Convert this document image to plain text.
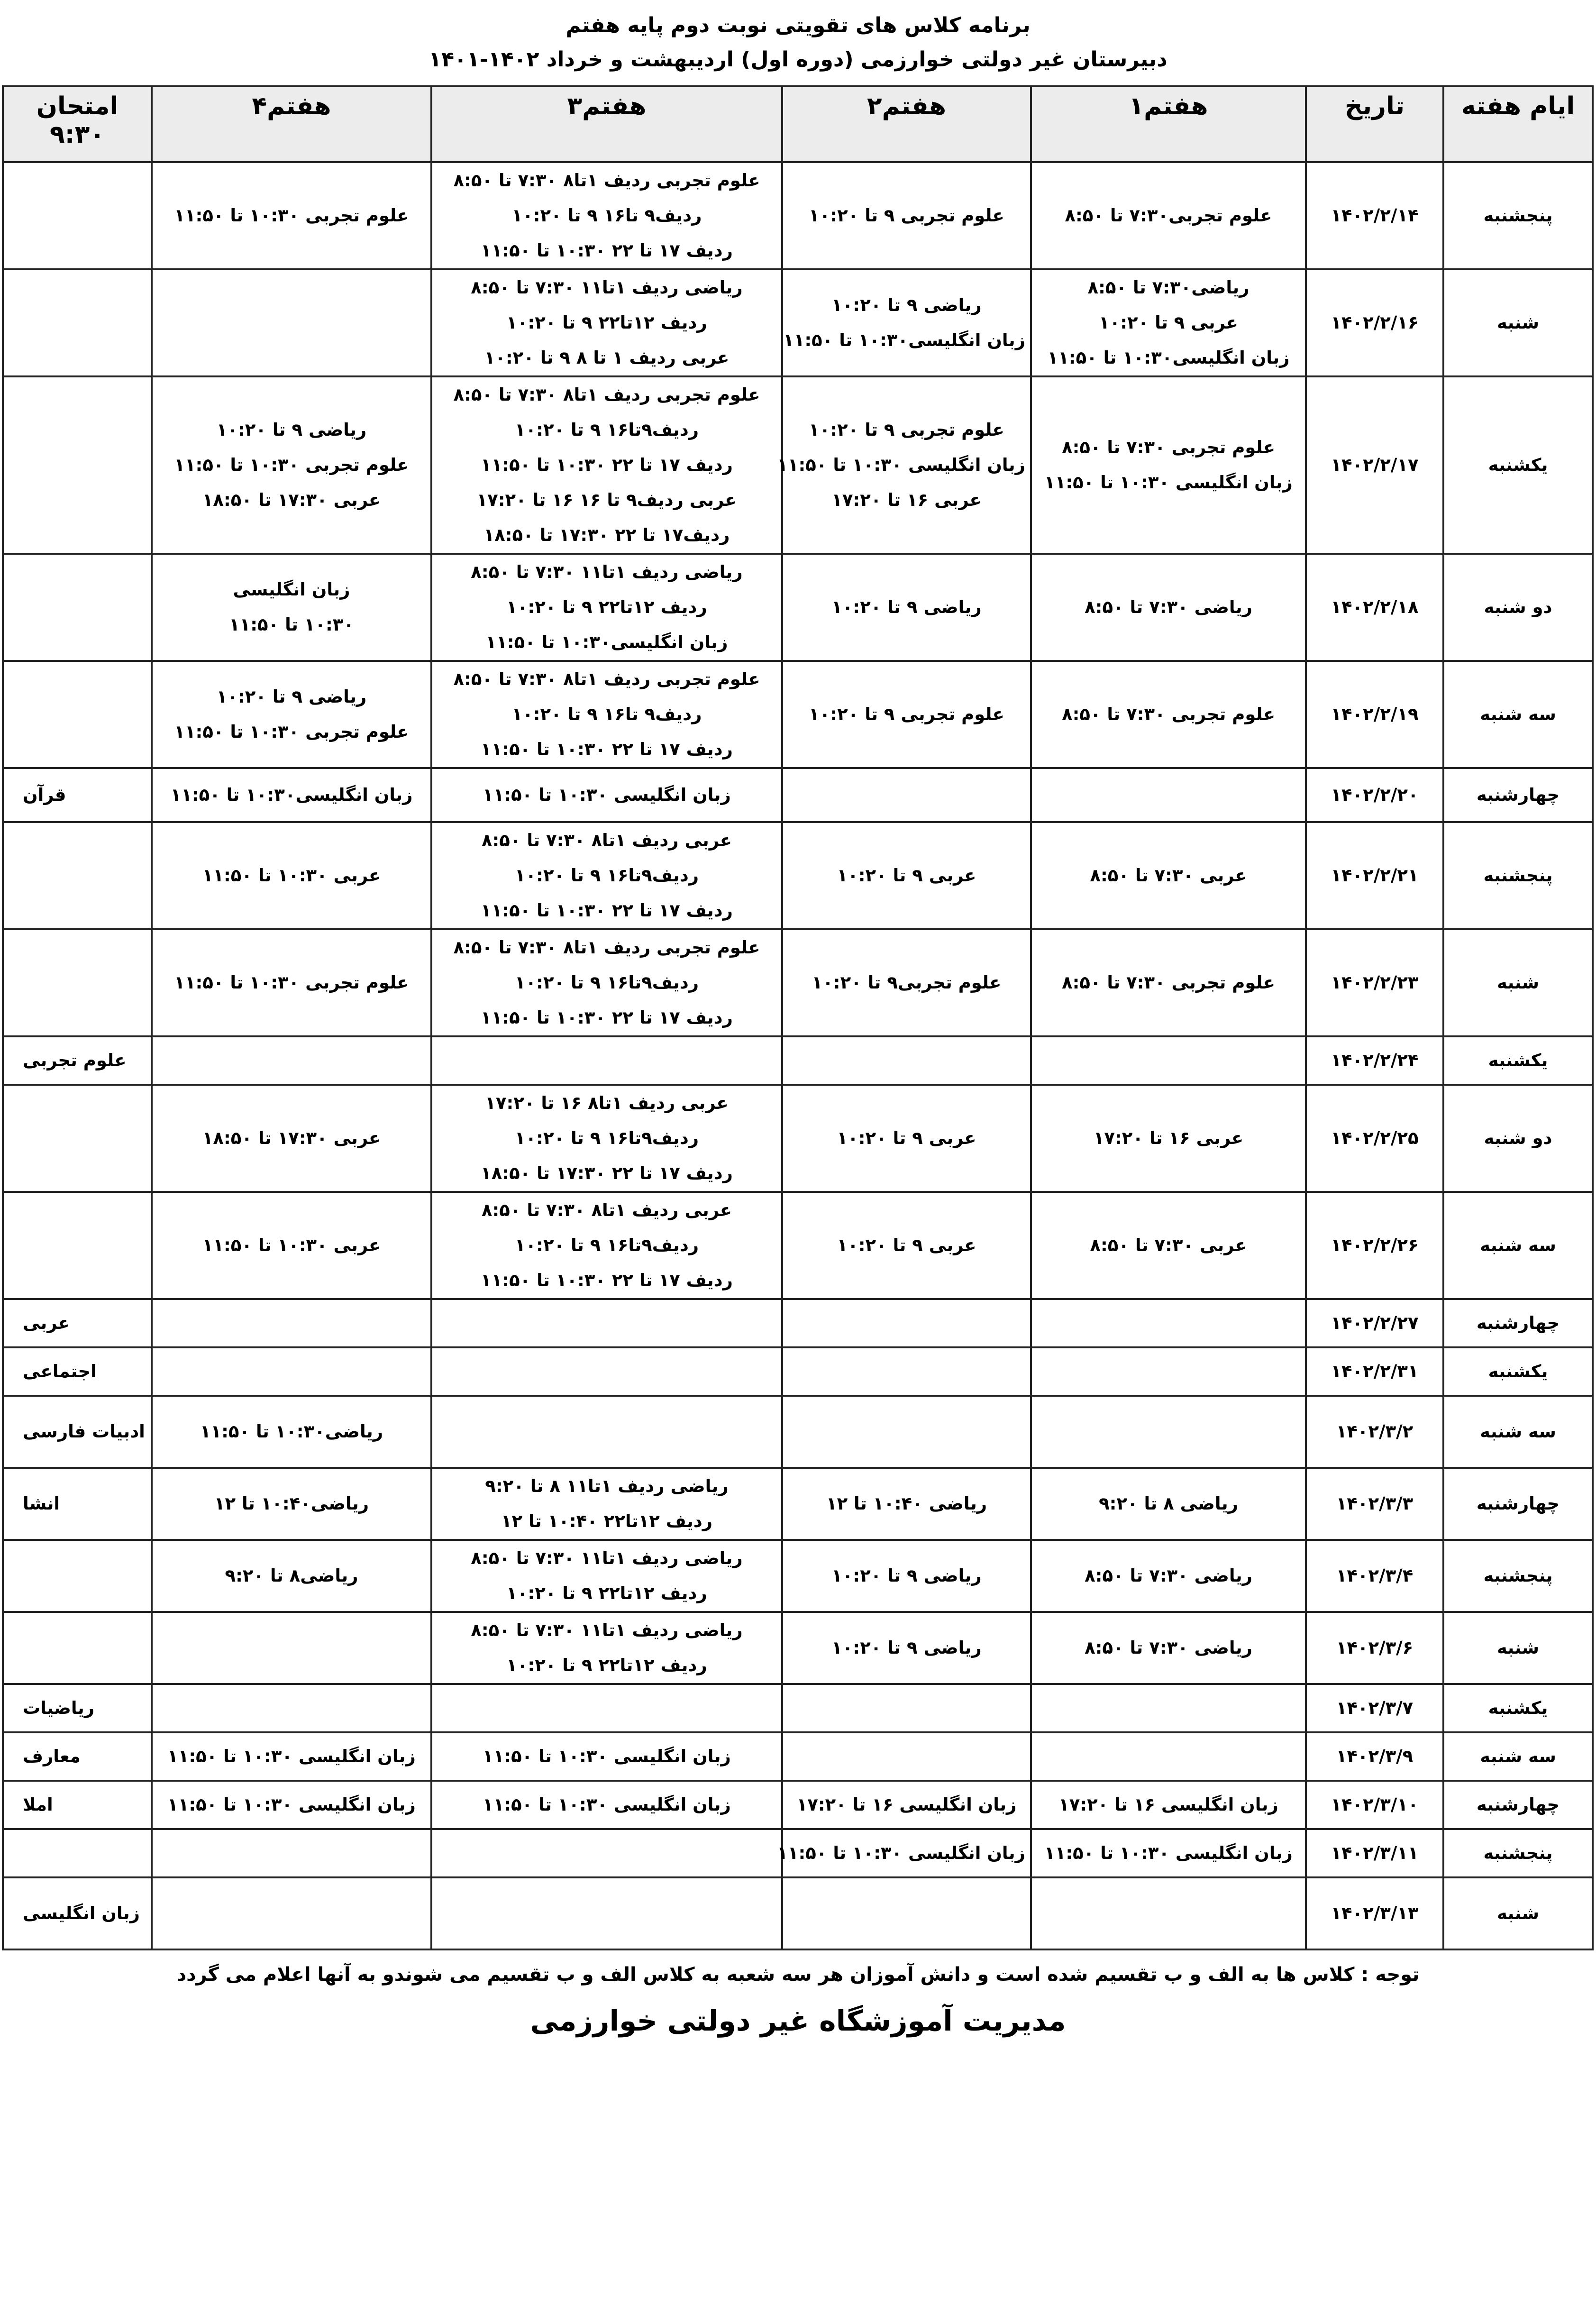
برنامه کلاس های تقویتی نوبت دوم پایه هفتم
دبیرستان غیر دولتی خوارزمی (دوره اول) اردیبهشت و خرداد ۱۴۰۲-۱۴۰۱
ایام هفته	تاریخ	هفتم۱	هفتم۲	هفتم۳	هفتم۴	امتحان
۹:۳۰

پنجشنبه	۱۴۰۲/۲/۱۴	علوم تجربی۷:۳۰ تا ۸:۵۰	علوم تجربی ۹ تا ۱۰:۲۰	علوم تجربی ردیف ۱تا۸ ۷:۳۰ تا ۸:۵۰
ردیف۹ تا۱۶ ۹ تا ۱۰:۲۰
ردیف ۱۷ تا ۲۲ ۱۰:۳۰ تا ۱۱:۵۰	علوم تجربی ۱۰:۳۰ تا ۱۱:۵۰	

شنبه	۱۴۰۲/۲/۱۶	ریاضی۷:۳۰ تا ۸:۵۰
عربی ۹ تا ۱۰:۲۰
زبان انگلیسی۱۰:۳۰ تا ۱۱:۵۰	ریاضی ۹ تا ۱۰:۲۰
زبان انگلیسی۱۰:۳۰ تا ۱۱:۵۰	ریاضی ردیف ۱تا۱۱ ۷:۳۰ تا ۸:۵۰
ردیف ۱۲تا۲۲ ۹ تا ۱۰:۲۰
عربی ردیف ۱ تا ۸ ۹ تا ۱۰:۲۰		

یکشنبه	۱۴۰۲/۲/۱۷	علوم تجربی ۷:۳۰ تا ۸:۵۰
زبان انگلیسی ۱۰:۳۰ تا ۱۱:۵۰	علوم تجربی ۹ تا ۱۰:۲۰
زبان انگلیسی ۱۰:۳۰ تا ۱۱:۵۰
عربی ۱۶ تا ۱۷:۲۰	علوم تجربی ردیف ۱تا۸ ۷:۳۰ تا ۸:۵۰
ردیف۹تا۱۶ ۹ تا ۱۰:۲۰
ردیف ۱۷ تا ۲۲ ۱۰:۳۰ تا ۱۱:۵۰
عربی ردیف۹ تا ۱۶ ۱۶ تا ۱۷:۲۰
ردیف۱۷ تا ۲۲ ۱۷:۳۰ تا ۱۸:۵۰	ریاضی ۹ تا ۱۰:۲۰
علوم تجربی ۱۰:۳۰ تا ۱۱:۵۰
عربی ۱۷:۳۰ تا ۱۸:۵۰	

دو شنبه	۱۴۰۲/۲/۱۸	ریاضی ۷:۳۰ تا ۸:۵۰	ریاضی ۹ تا ۱۰:۲۰	ریاضی ردیف ۱تا۱۱ ۷:۳۰ تا ۸:۵۰
ردیف ۱۲تا۲۲ ۹ تا ۱۰:۲۰
زبان انگلیسی۱۰:۳۰ تا ۱۱:۵۰	زبان انگلیسی
۱۰:۳۰ تا ۱۱:۵۰	

سه شنبه	۱۴۰۲/۲/۱۹	علوم تجربی ۷:۳۰ تا ۸:۵۰	علوم تجربی ۹ تا ۱۰:۲۰	علوم تجربی ردیف ۱تا۸ ۷:۳۰ تا ۸:۵۰
ردیف۹ تا۱۶ ۹ تا ۱۰:۲۰
ردیف ۱۷ تا ۲۲ ۱۰:۳۰ تا ۱۱:۵۰	ریاضی ۹ تا ۱۰:۲۰
علوم تجربی ۱۰:۳۰ تا ۱۱:۵۰	

چهارشنبه	۱۴۰۲/۲/۲۰			زبان انگلیسی ۱۰:۳۰ تا ۱۱:۵۰	زبان انگلیسی۱۰:۳۰ تا ۱۱:۵۰	قرآن
پنجشنبه	۱۴۰۲/۲/۲۱	عربی ۷:۳۰ تا ۸:۵۰	عربی ۹ تا ۱۰:۲۰	عربی ردیف ۱تا۸ ۷:۳۰ تا ۸:۵۰
ردیف۹تا۱۶ ۹ تا ۱۰:۲۰
ردیف ۱۷ تا ۲۲ ۱۰:۳۰ تا ۱۱:۵۰	عربی ۱۰:۳۰ تا ۱۱:۵۰	

شنبه	۱۴۰۲/۲/۲۳	علوم تجربی ۷:۳۰ تا ۸:۵۰	علوم تجربی۹ تا ۱۰:۲۰	علوم تجربی ردیف ۱تا۸ ۷:۳۰ تا ۸:۵۰
ردیف۹تا۱۶ ۹ تا ۱۰:۲۰
ردیف ۱۷ تا ۲۲ ۱۰:۳۰ تا ۱۱:۵۰	علوم تجربی ۱۰:۳۰ تا ۱۱:۵۰	

یکشنبه	۱۴۰۲/۲/۲۴					علوم تجربی
دو شنبه	۱۴۰۲/۲/۲۵	عربی ۱۶ تا ۱۷:۲۰	عربی ۹ تا ۱۰:۲۰	عربی ردیف ۱تا۸ ۱۶ تا ۱۷:۲۰
ردیف۹تا۱۶ ۹ تا ۱۰:۲۰
ردیف ۱۷ تا ۲۲ ۱۷:۳۰ تا ۱۸:۵۰	عربی ۱۷:۳۰ تا ۱۸:۵۰	

سه شنبه	۱۴۰۲/۲/۲۶	عربی ۷:۳۰ تا ۸:۵۰	عربی ۹ تا ۱۰:۲۰	عربی ردیف ۱تا۸ ۷:۳۰ تا ۸:۵۰
ردیف۹تا۱۶ ۹ تا ۱۰:۲۰
ردیف ۱۷ تا ۲۲ ۱۰:۳۰ تا ۱۱:۵۰	عربی ۱۰:۳۰ تا ۱۱:۵۰	

چهارشنبه	۱۴۰۲/۲/۲۷					عربی
یکشنبه	۱۴۰۲/۲/۳۱					اجتماعی
سه شنبه	۱۴۰۲/۳/۲				ریاضی۱۰:۳۰ تا ۱۱:۵۰	ادبیات فارسی
چهارشنبه	۱۴۰۲/۳/۳	ریاضی ۸ تا ۹:۲۰	ریاضی ۱۰:۴۰ تا ۱۲	ریاضی ردیف ۱تا۱۱ ۸ تا ۹:۲۰
ردیف ۱۲تا۲۲ ۱۰:۴۰ تا ۱۲	ریاضی۱۰:۴۰ تا ۱۲	انشا
پنجشنبه	۱۴۰۲/۳/۴	ریاضی ۷:۳۰ تا ۸:۵۰	ریاضی ۹ تا ۱۰:۲۰	ریاضی ردیف ۱تا۱۱ ۷:۳۰ تا ۸:۵۰
ردیف ۱۲تا۲۲ ۹ تا ۱۰:۲۰	ریاضی۸ تا ۹:۲۰	

شنبه	۱۴۰۲/۳/۶	ریاضی ۷:۳۰ تا ۸:۵۰	ریاضی ۹ تا ۱۰:۲۰	ریاضی ردیف ۱تا۱۱ ۷:۳۰ تا ۸:۵۰
ردیف ۱۲تا۲۲ ۹ تا ۱۰:۲۰		

یکشنبه	۱۴۰۲/۳/۷					ریاضیات
سه شنبه	۱۴۰۲/۳/۹			زبان انگلیسی ۱۰:۳۰ تا ۱۱:۵۰	زبان انگلیسی ۱۰:۳۰ تا ۱۱:۵۰	معارف
چهارشنبه	۱۴۰۲/۳/۱۰	زبان انگلیسی ۱۶ تا ۱۷:۲۰	زبان انگلیسی ۱۶ تا ۱۷:۲۰	زبان انگلیسی ۱۰:۳۰ تا ۱۱:۵۰	زبان انگلیسی ۱۰:۳۰ تا ۱۱:۵۰	املا
پنجشنبه	۱۴۰۲/۳/۱۱	زبان انگلیسی ۱۰:۳۰ تا ۱۱:۵۰	زبان انگلیسی ۱۰:۳۰ تا ۱۱:۵۰			

شنبه	۱۴۰۲/۳/۱۳					زبان انگلیسی
توجه : کلاس ها به الف و ب تقسیم شده است و دانش آموزان هر سه شعبه به کلاس الف و ب تقسیم می شوندو به آنها اعلام می گردد
مدیریت آموزشگاه غیر دولتی خوارزمی
